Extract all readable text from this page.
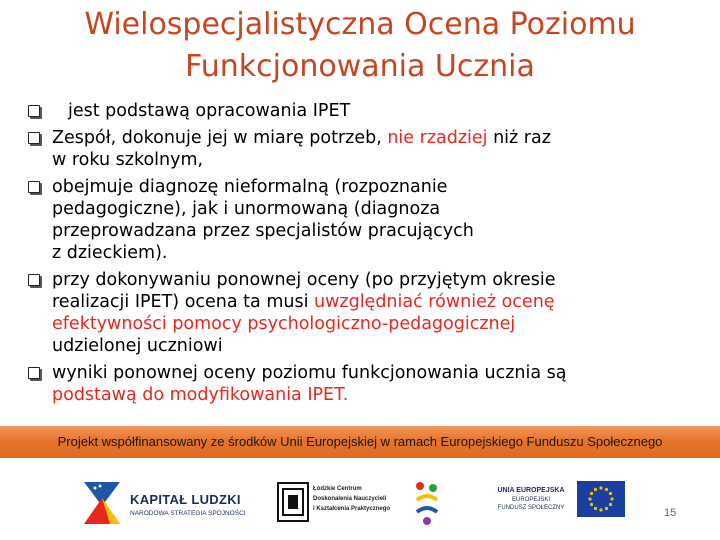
Wielospecjalistyczna Ocena Poziomu
Funkcjonowania Ucznia
jest podstawą opracowania IPET
Zespół, dokonuje jej w miarę potrzeb, nie rzadziej niż raz
w roku szkolnym,
obejmuje diagnozę nieformalną (rozpoznanie
pedagogiczne), jak i unormowaną (diagnoza
przeprowadzana przez specjalistów pracujących
z dzieckiem).
przy dokonywaniu ponownej oceny (po przyjętym okresie
realizacji IPET) ocena ta musi uwzględniać również ocenę
efektywności pomocy psychologiczno-pedagogicznej
udzielonej uczniowi
wyniki ponownej oceny poziomu funkcjonowania ucznia są
podstawą do modyfikowania IPET.
Projekt współfinansowany ze środków Unii Europejskiej w ramach Europejskiego Funduszu Społecznego
KAPITAŁ LUDZKI
NARODOWA STRATEGIA SPÓJNOŚCI
Łódzkie Centrum
Doskonalenia Nauczycieli
i Kształcenia Praktycznego
UNIA EUROPEJSKA
EUROPEJSKI
FUNDUSZ SPOŁECZNY	15
